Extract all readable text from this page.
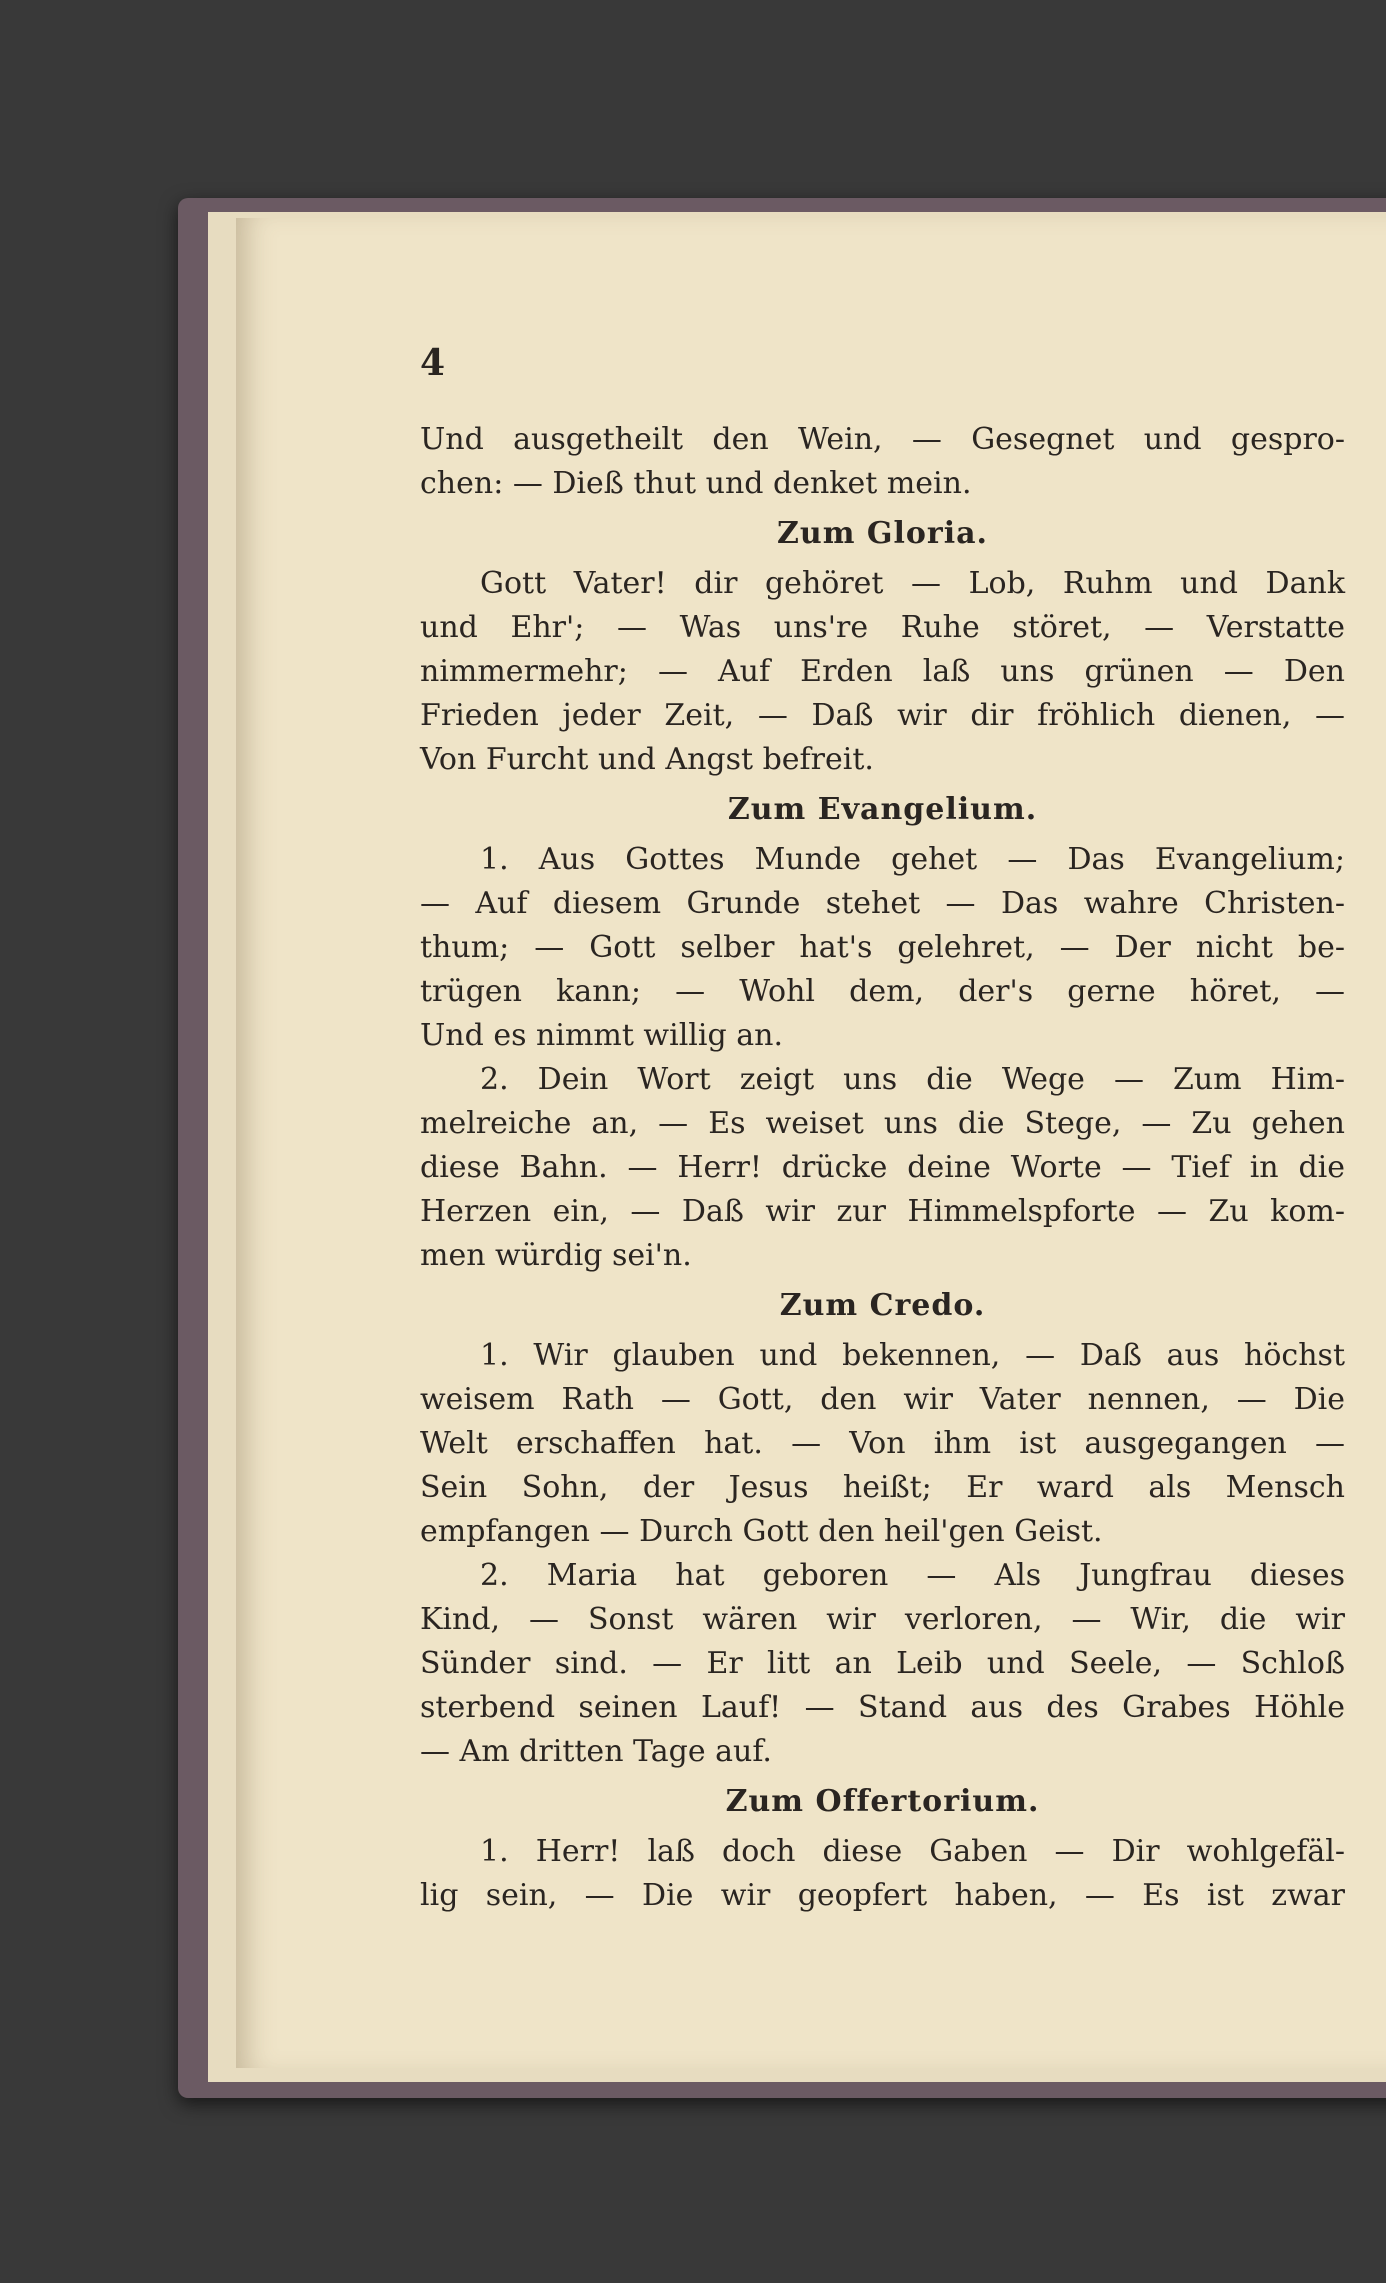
4
Und ausgetheilt den Wein, — Gesegnet und gespro-
chen: — Dieß thut und denket mein.
Zum Gloria.
Gott Vater! dir gehöret — Lob, Ruhm und Dank
und Ehr'; — Was uns're Ruhe störet, — Verstatte
nimmermehr; — Auf Erden laß uns grünen — Den
Frieden jeder Zeit, — Daß wir dir fröhlich dienen, —
Von Furcht und Angst befreit.
Zum Evangelium.
1. Aus Gottes Munde gehet — Das Evangelium;
— Auf diesem Grunde stehet — Das wahre Christen-
thum; — Gott selber hat's gelehret, — Der nicht be-
trügen kann; — Wohl dem, der's gerne höret, —
Und es nimmt willig an.
2. Dein Wort zeigt uns die Wege — Zum Him-
melreiche an, — Es weiset uns die Stege, — Zu gehen
diese Bahn. — Herr! drücke deine Worte — Tief in die
Herzen ein, — Daß wir zur Himmelspforte — Zu kom-
men würdig sei'n.
Zum Credo.
1. Wir glauben und bekennen, — Daß aus höchst
weisem Rath — Gott, den wir Vater nennen, — Die
Welt erschaffen hat. — Von ihm ist ausgegangen —
Sein Sohn, der Jesus heißt; Er ward als Mensch
empfangen — Durch Gott den heil'gen Geist.
2. Maria hat geboren — Als Jungfrau dieses
Kind, — Sonst wären wir verloren, — Wir, die wir
Sünder sind. — Er litt an Leib und Seele, — Schloß
sterbend seinen Lauf! — Stand aus des Grabes Höhle
— Am dritten Tage auf.
Zum Offertorium.
1. Herr! laß doch diese Gaben — Dir wohlgefäl-
lig sein, — Die wir geopfert haben, — Es ist zwar
